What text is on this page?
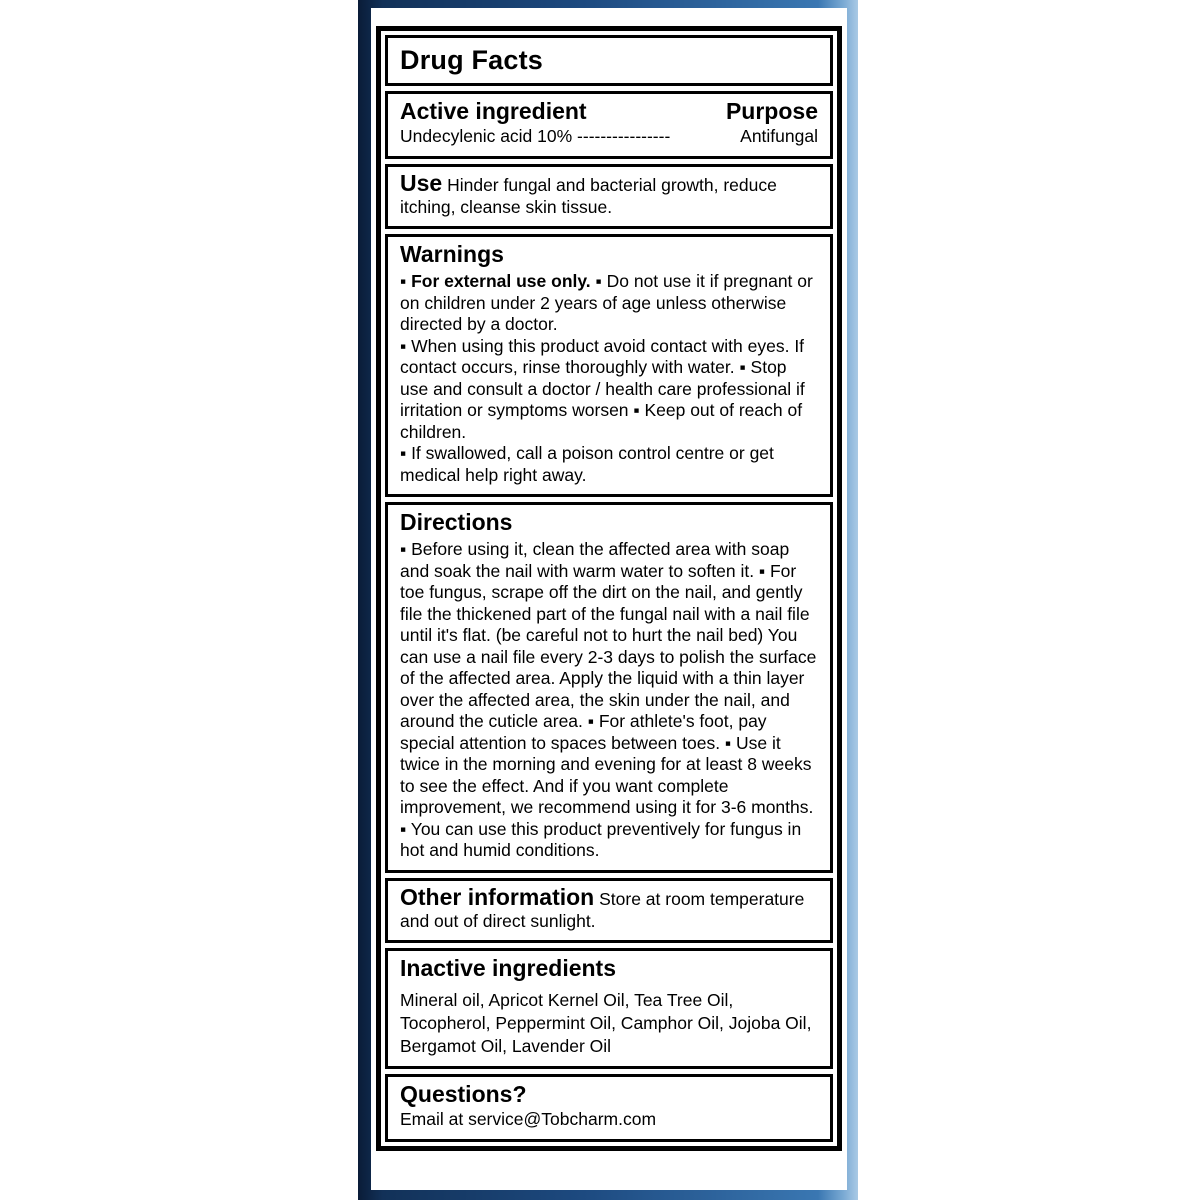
Drug Facts
Active ingredient	Purpose
Undecylenic acid 10% ----------------	Antifungal

Use Hinder fungal and bacterial growth, reduce itching, cleanse skin tissue.

Warnings

▪ For external use only. ▪ Do not use it if pregnant or on children under 2 years of age unless otherwise directed by a doctor.

▪ When using this product avoid contact with eyes. If contact occurs, rinse thoroughly with water. ▪ Stop use and consult a doctor / health care professional if irritation or symptoms worsen ▪ Keep out of reach of children.

▪ If swallowed, call a poison control centre or get medical help right away.

Directions

▪ Before using it, clean the affected area with soap and soak the nail with warm water to soften it. ▪ For toe fungus, scrape off the dirt on the nail, and gently file the thickened part of the fungal nail with a nail file until it's flat. (be careful not to hurt the nail bed) You can use a nail file every 2-3 days to polish the surface of the affected area. Apply the liquid with a thin layer over the affected area, the skin under the nail, and around the cuticle area. ▪ For athlete's foot, pay special attention to spaces between toes. ▪ Use it twice in the morning and evening for at least 8 weeks to see the effect. And if you want complete improvement, we recommend using it for 3-6 months. ▪ You can use this product preventively for fungus in hot and humid conditions.

Other information Store at room temperature and out of direct sunlight.

Inactive ingredients

Mineral oil, Apricot Kernel Oil, Tea Tree Oil, Tocopherol, Peppermint Oil, Camphor Oil, Jojoba Oil, Bergamot Oil, Lavender Oil

Questions?

Email at service@Tobcharm.com
